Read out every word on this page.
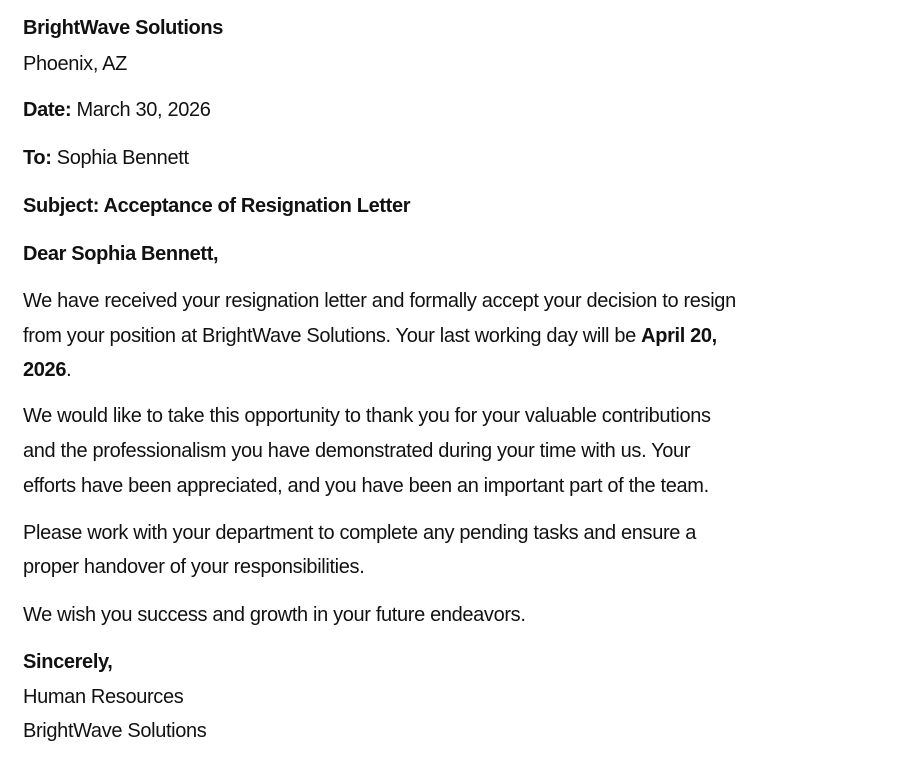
BrightWave Solutions
Phoenix, AZ
Date: March 30, 2026
To: Sophia Bennett
Subject: Acceptance of Resignation Letter
Dear Sophia Bennett,
We have received your resignation letter and formally accept your decision to resign
from your position at BrightWave Solutions. Your last working day will be April 20,
2026.
We would like to take this opportunity to thank you for your valuable contributions
and the professionalism you have demonstrated during your time with us. Your
efforts have been appreciated, and you have been an important part of the team.
Please work with your department to complete any pending tasks and ensure a
proper handover of your responsibilities.
We wish you success and growth in your future endeavors.
Sincerely,
Human Resources
BrightWave Solutions
